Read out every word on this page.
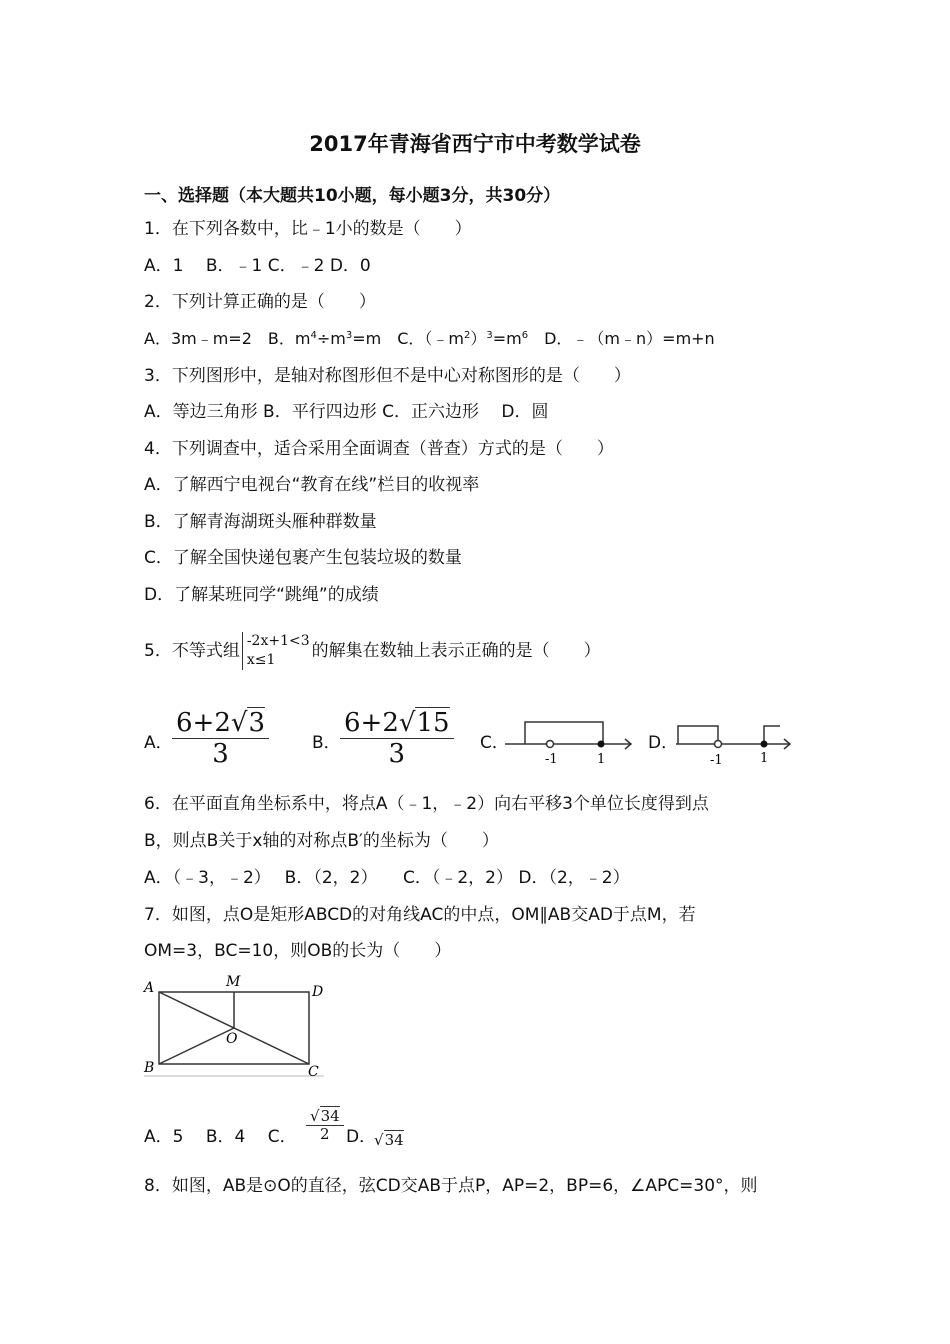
2017年青海省西宁市中考数学试卷
一、选择题（本大题共10小题，每小题3分，共30分）
1．在下列各数中，比﹣1小的数是（　　）
A．1　 B．﹣1 C．﹣2 D．0
2．下列计算正确的是（　　）
A．3m﹣m=2　B．$m^4\div m^3=m$　C．$(﹣m^2)^3=m^6$　D．﹣（m﹣n）=m+n
3．下列图形中，是轴对称图形但不是中心对称图形的是（　　）
A．等边三角形 B．平行四边形 C．正六边形　 D．圆
4．下列调查中，适合采用全面调查（普查）方式的是（　　）
A．了解西宁电视台“教育在线”栏目的收视率
B．了解青海湖斑头雁种群数量
C．了解全国快递包裹产生包装垃圾的数量
D．了解某班同学“跳绳”的成绩
5．不等式组 -2x+1<3
x≤1	的解集在数轴上表示正确的是（　　）
A． $\frac{6+2√3}{3}$	B． $\frac{6+2√15}{3}$ C．
-1	1
D．
-1	1
6．在平面直角坐标系中，将点A（﹣1，﹣2）向右平移3个单位长度得到点
B，则点B关于x轴的对称点B′的坐标为（　　）
A．（﹣3，﹣2）　 B．（2，2）　　C．（﹣2，2） D．（2，﹣2）
7．如图，点O是矩形ABCD的对角线AC的中点，OM∥AB交AD于点M，若
OM=3，BC=10，则OB的长为（　　）
A	M
D
O
B	C
A．5　 B．4　 C． $\frac{√34}{2}$ D．
√34
8．如图，AB是⊙O的直径，弦CD交AB于点P，AP=2，BP=6，∠APC=30°，则
